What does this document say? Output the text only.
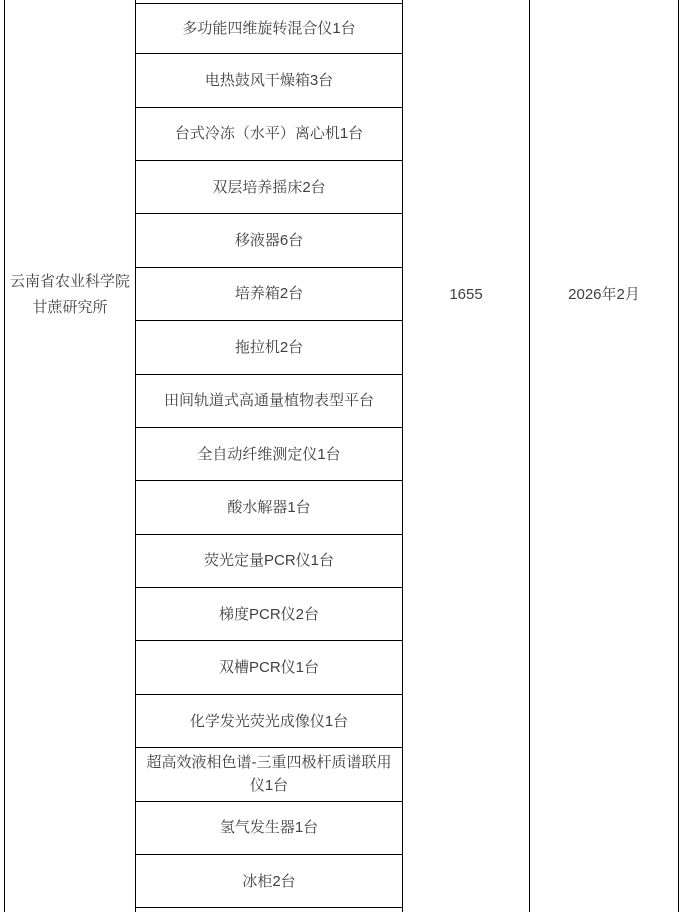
云南省农业科学院
甘蔗研究所
1655	2026年2月
多功能四维旋转混合仪1台
电热鼓风干燥箱3台
台式冷冻（水平）离心机1台
双层培养摇床2台
移液器6台
培养箱2台
拖拉机2台
田间轨道式高通量植物表型平台
全自动纤维测定仪1台
酸水解器1台
荧光定量PCR仪1台
梯度PCR仪2台
双槽PCR仪1台
化学发光荧光成像仪1台
超高效液相色谱-三重四极杆质谱联用仪1台
氢气发生器1台
冰柜2台
